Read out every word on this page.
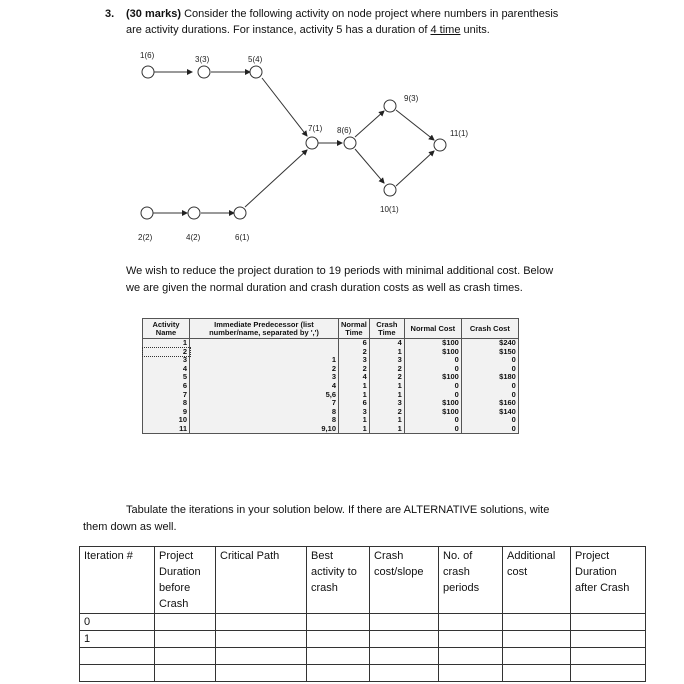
3. (30 marks) Consider the following activity on node project where numbers in parenthesis
are activity durations. For instance, activity 5 has a duration of 4 time units.
1(6)	3(3)	5(4)
2(2)	4(2)	6(1)
7(1) 8(6)
9(3)
10(1)
11(1)
We wish to reduce the project duration to 19 periods with minimal additional cost. Below
we are given the normal duration and crash duration costs as well as crash times.
Activity Name	Immediate Predecessor (list number/name, separated by ',')	Normal Time	Crash Time	Normal Cost	Crash Cost
1		6	4	$100	$240
2		2	1	$100	$150
3	1	3	3	0	0
4	2	2	2	0	0
5	3	4	2	$100	$180
6	4	1	1	0	0
7	5,6	1	1	0	0
8	7	6	3	$100	$160
9	8	3	2	$100	$140
10	8	1	1	0	0
11	9,10	1	1	0	0
Tabulate the iterations in your solution below. If there are ALTERNATIVE solutions, wite
them down as well.
Iteration #	Project Duration before Crash	Critical Path	Best activity to crash	Crash cost/slope	No. of crash periods	Additional cost	Project Duration after Crash
0							
1							
